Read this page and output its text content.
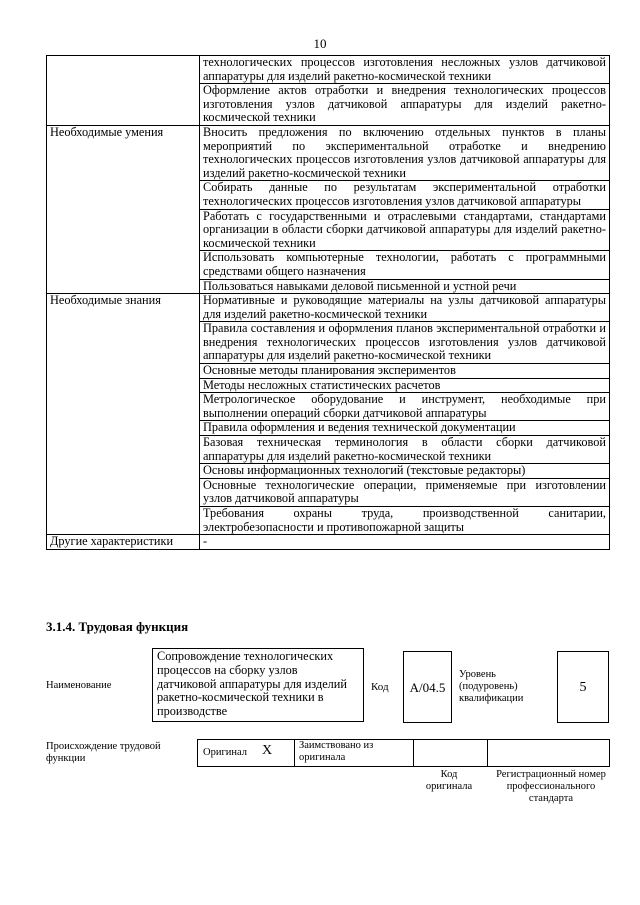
10
	технологических процессов изготовления несложных узлов датчиковой аппаратуры для изделий ракетно-космической техники
	Оформление актов отработки и внедрения технологических процессов изготовления узлов датчиковой аппаратуры для изделий ракетно-космической техники
Необходимые умения	Вносить предложения по включению отдельных пунктов в планы мероприятий по экспериментальной отработке и внедрению технологических процессов изготовления узлов датчиковой аппаратуры для изделий ракетно-космической техники
	Собирать данные по результатам экспериментальной отработки технологических процессов изготовления узлов датчиковой аппаратуры
	Работать с государственными и отраслевыми стандартами, стандартами организации в области сборки датчиковой аппаратуры для изделий ракетно-космической техники
	Использовать компьютерные технологии, работать с программными средствами общего назначения
	Пользоваться навыками деловой письменной и устной речи
Необходимые знания	Нормативные и руководящие материалы на узлы датчиковой аппаратуры для изделий ракетно-космической техники
	Правила составления и оформления планов экспериментальной отработки и внедрения технологических процессов изготовления узлов датчиковой аппаратуры для изделий ракетно-космической техники
	Основные методы планирования экспериментов
	Методы несложных статистических расчетов
	Метрологическое оборудование и инструмент, необходимые при выполнении операций сборки датчиковой аппаратуры
	Правила оформления и ведения технической документации
	Базовая техническая терминология в области сборки датчиковой аппаратуры для изделий ракетно-космической техники
	Основы информационных технологий (текстовые редакторы)
	Основные технологические операции, применяемые при изготовлении узлов датчиковой аппаратуры
	Требования охраны труда, производственной санитарии, электробезопасности и противопожарной защиты
Другие характеристики	-
3.1.4. Трудовая функция
Наименование
Сопровождение технологических процессов на сборку узлов датчиковой аппаратуры для изделий ракетно-космической техники в производстве
Код	A/04.5
Уровень (подуровень) квалификации
5
Происхождение трудовой функции
Оригинал X	Заимствовано из оригинала
Код оригинала
Регистрационный номер профессионального стандарта
